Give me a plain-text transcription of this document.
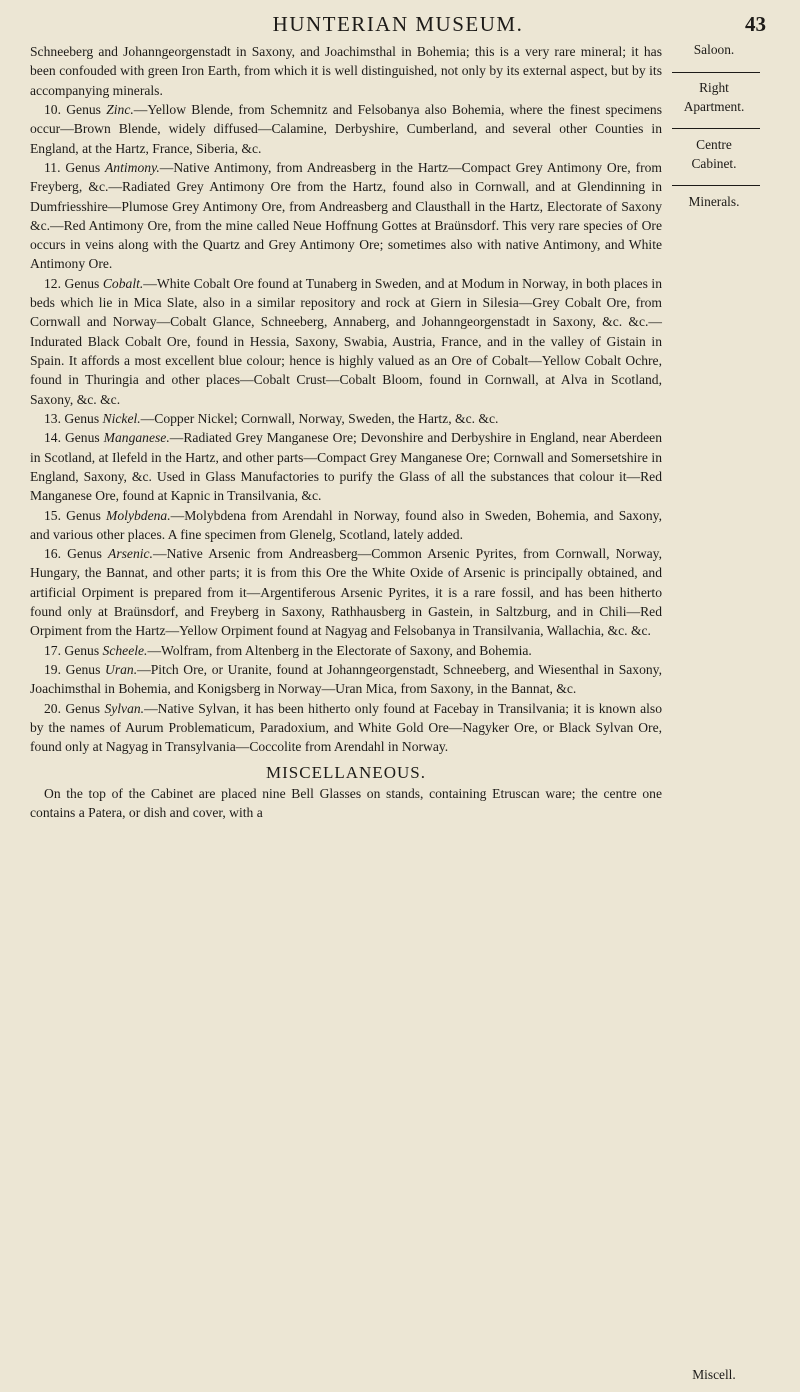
HUNTERIAN MUSEUM.	43

Schneeberg and Johanngeorgenstadt in Saxony, and Joachimsthal in Bohemia; this is a very rare mineral; it has been confouded with green Iron Earth, from which it is well distinguished, not only by its external aspect, but by its accompanying minerals.

10. Genus Zinc.—Yellow Blende, from Schemnitz and Felsobanya also Bohemia, where the finest specimens occur—Brown Blende, widely diffused—Calamine, Derbyshire, Cumberland, and several other Counties in England, at the Hartz, France, Siberia, &c.

11. Genus Antimony.—Native Antimony, from Andreasberg in the Hartz—Compact Grey Antimony Ore, from Freyberg, &c.—Radiated Grey Antimony Ore from the Hartz, found also in Cornwall, and at Glendinning in Dumfriesshire—Plumose Grey Antimony Ore, from Andreasberg and Clausthall in the Hartz, Electorate of Saxony &c.—Red Antimony Ore, from the mine called Neue Hoffnung Gottes at Braünsdorf. This very rare species of Ore occurs in veins along with the Quartz and Grey Antimony Ore; sometimes also with native Antimony, and White Antimony Ore.

12. Genus Cobalt.—White Cobalt Ore found at Tunaberg in Sweden, and at Modum in Norway, in both places in beds which lie in Mica Slate, also in a similar repository and rock at Giern in Silesia—Grey Cobalt Ore, from Cornwall and Norway—Cobalt Glance, Schneeberg, Annaberg, and Johanngeorgenstadt in Saxony, &c. &c.—Indurated Black Cobalt Ore, found in Hessia, Saxony, Swabia, Austria, France, and in the valley of Gistain in Spain. It affords a most excellent blue colour; hence is highly valued as an Ore of Cobalt—Yellow Cobalt Ochre, found in Thuringia and other places—Cobalt Crust—Cobalt Bloom, found in Cornwall, at Alva in Scotland, Saxony, &c. &c.

13. Genus Nickel.—Copper Nickel; Cornwall, Norway, Sweden, the Hartz, &c. &c.

14. Genus Manganese.—Radiated Grey Manganese Ore; Devonshire and Derbyshire in England, near Aberdeen in Scotland, at Ilefeld in the Hartz, and other parts—Compact Grey Manganese Ore; Cornwall and Somersetshire in England, Saxony, &c. Used in Glass Manufactories to purify the Glass of all the substances that colour it—Red Manganese Ore, found at Kapnic in Transilvania, &c.

15. Genus Molybdena.—Molybdena from Arendahl in Norway, found also in Sweden, Bohemia, and Saxony, and various other places. A fine specimen from Glenelg, Scotland, lately added.

16. Genus Arsenic.—Native Arsenic from Andreasberg—Common Arsenic Pyrites, from Cornwall, Norway, Hungary, the Bannat, and other parts; it is from this Ore the White Oxide of Arsenic is principally obtained, and artificial Orpiment is prepared from it—Argentiferous Arsenic Pyrites, it is a rare fossil, and has been hitherto found only at Braünsdorf, and Freyberg in Saxony, Rathhausberg in Gastein, in Saltzburg, and in Chili—Red Orpiment from the Hartz—Yellow Orpiment found at Nagyag and Felsobanya in Transilvania, Wallachia, &c. &c.

17. Genus Scheele.—Wolfram, from Altenberg in the Electorate of Saxony, and Bohemia.

19. Genus Uran.—Pitch Ore, or Uranite, found at Johanngeorgenstadt, Schneeberg, and Wiesenthal in Saxony, Joachimsthal in Bohemia, and Konigsberg in Norway—Uran Mica, from Saxony, in the Bannat, &c.

20. Genus Sylvan.—Native Sylvan, it has been hitherto only found at Facebay in Transilvania; it is known also by the names of Aurum Problematicum, Paradoxium, and White Gold Ore—Nagyker Ore, or Black Sylvan Ore, found only at Nagyag in Transylvania—Coccolite from Arendahl in Norway.

MISCELLANEOUS.

On the top of the Cabinet are placed nine Bell Glasses on stands, containing Etruscan ware; the centre one contains a Patera, or dish and cover, with a

Saloon.
Right
Apartment.
Centre
Cabinet.
Minerals.
Miscell.
